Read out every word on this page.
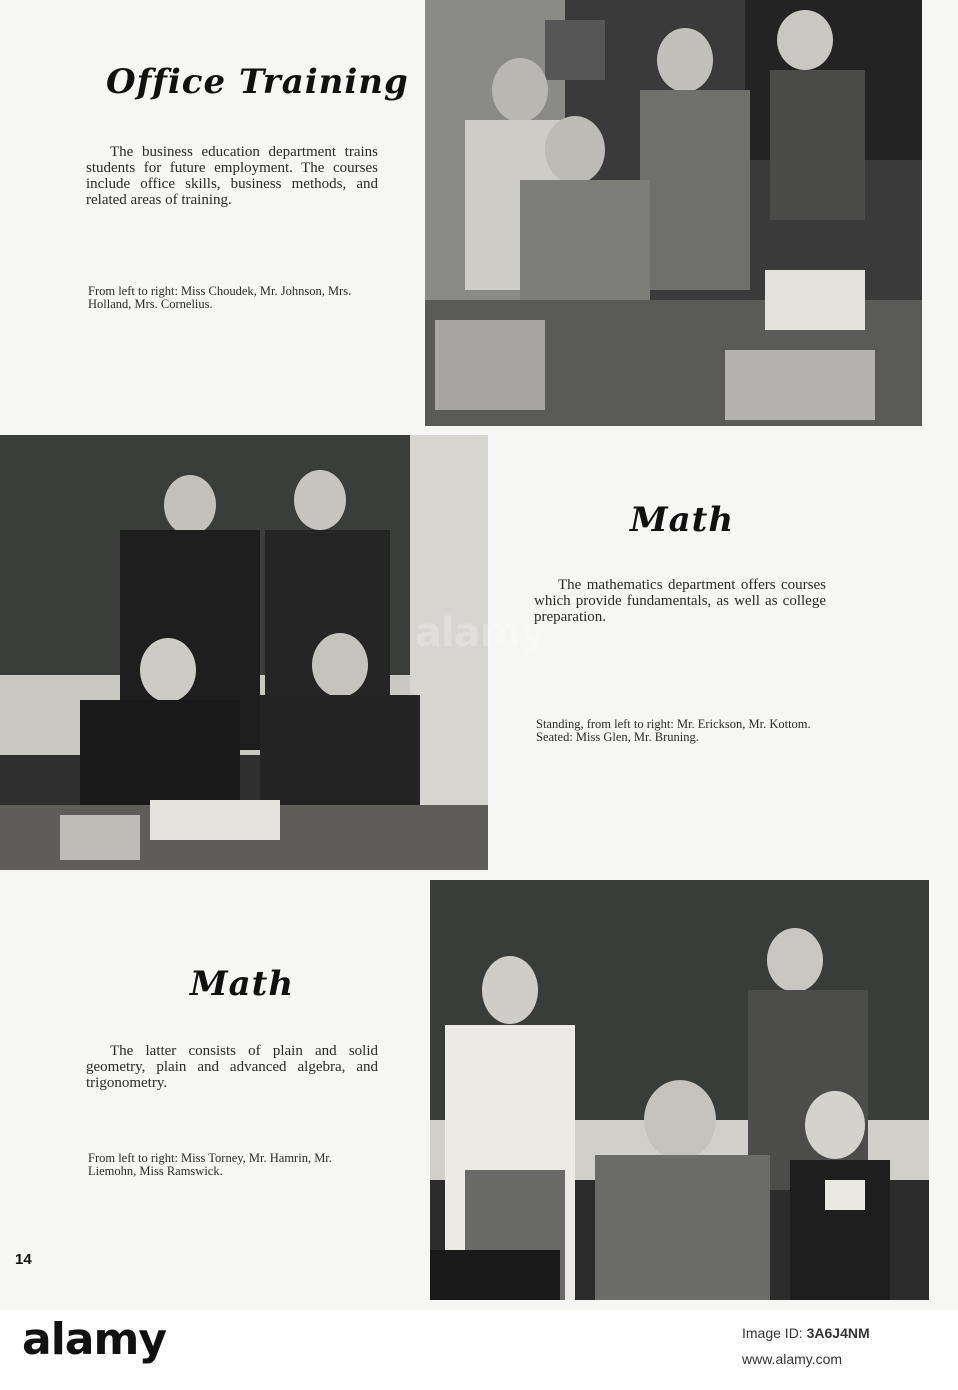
Office Training

The business education department trains students for future employment. The courses include office skills, business methods, and related areas of training.

From left to right: Miss Choudek, Mr. Johnson, Mrs. Holland, Mrs. Cornelius.

Math

The mathematics department offers courses which provide fundamentals, as well as college preparation.

Standing, from left to right: Mr. Erickson, Mr. Kottom. Seated: Miss Glen, Mr. Bruning.

Math

The latter consists of plain and solid geometry, plain and advanced algebra, and trigonometry.

From left to right: Miss Torney, Mr. Hamrin, Mr. Liemohn, Miss Ramswick.

14
alamy
alamy	Image ID: 3A6J4NM
www.alamy.com
